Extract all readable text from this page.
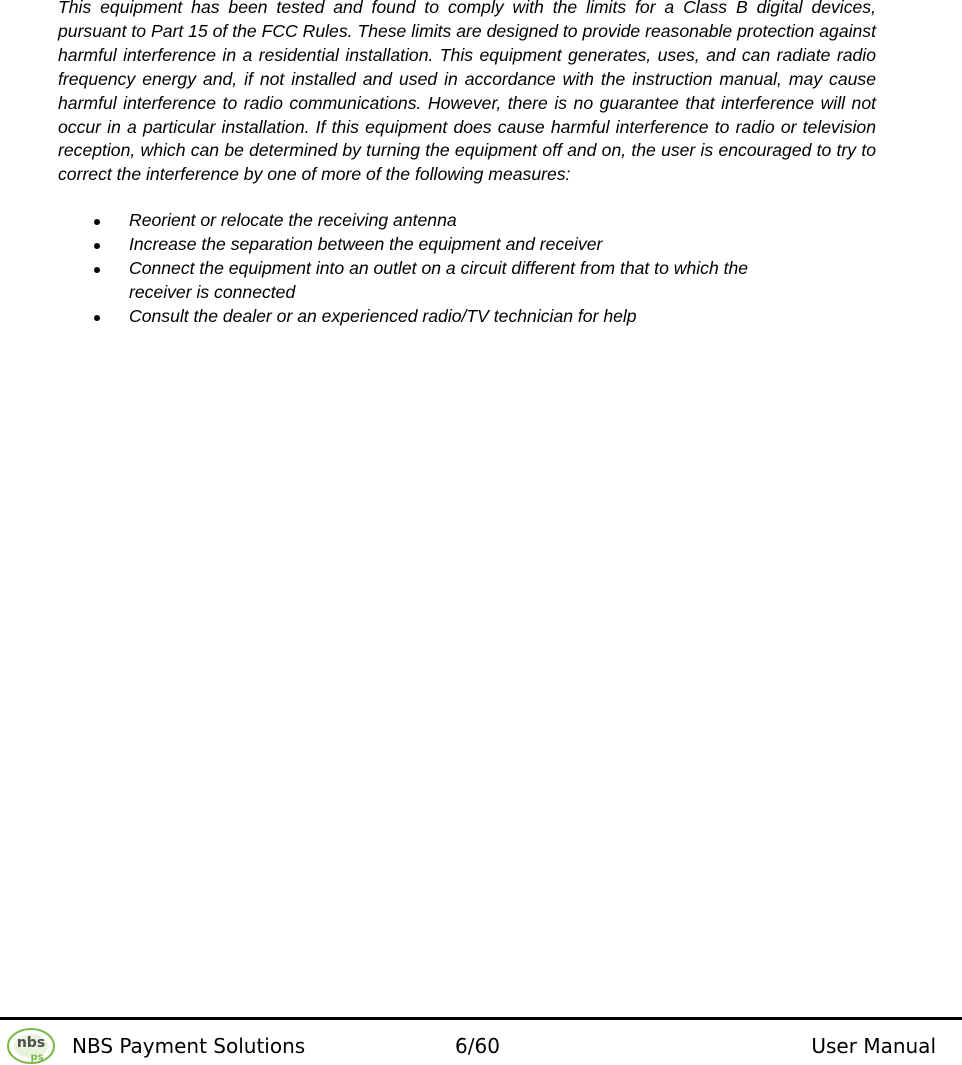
This equipment has been tested and found to comply with the limits for a Class B digital devices, pursuant to Part 15 of the FCC Rules. These limits are designed to provide reasonable protection against harmful interference in a residential installation. This equipment generates, uses, and can radiate radio frequency energy and, if not installed and used in accordance with the instruction manual, may cause harmful interference to radio communications. However, there is no guarantee that interference will not occur in a particular installation. If this equipment does cause harmful interference to radio or television reception, which can be determined by turning the equipment off and on, the user is encouraged to try to correct the interference by one of more of the following measures:

Reorient or relocate the receiving antenna
Increase the separation between the equipment and receiver
Connect the equipment into an outlet on a circuit different from that to which the receiver is connected
Consult the dealer or an experienced radio/TV technician for help
nbs
ps NBS Payment Solutions	6/60	User Manual
